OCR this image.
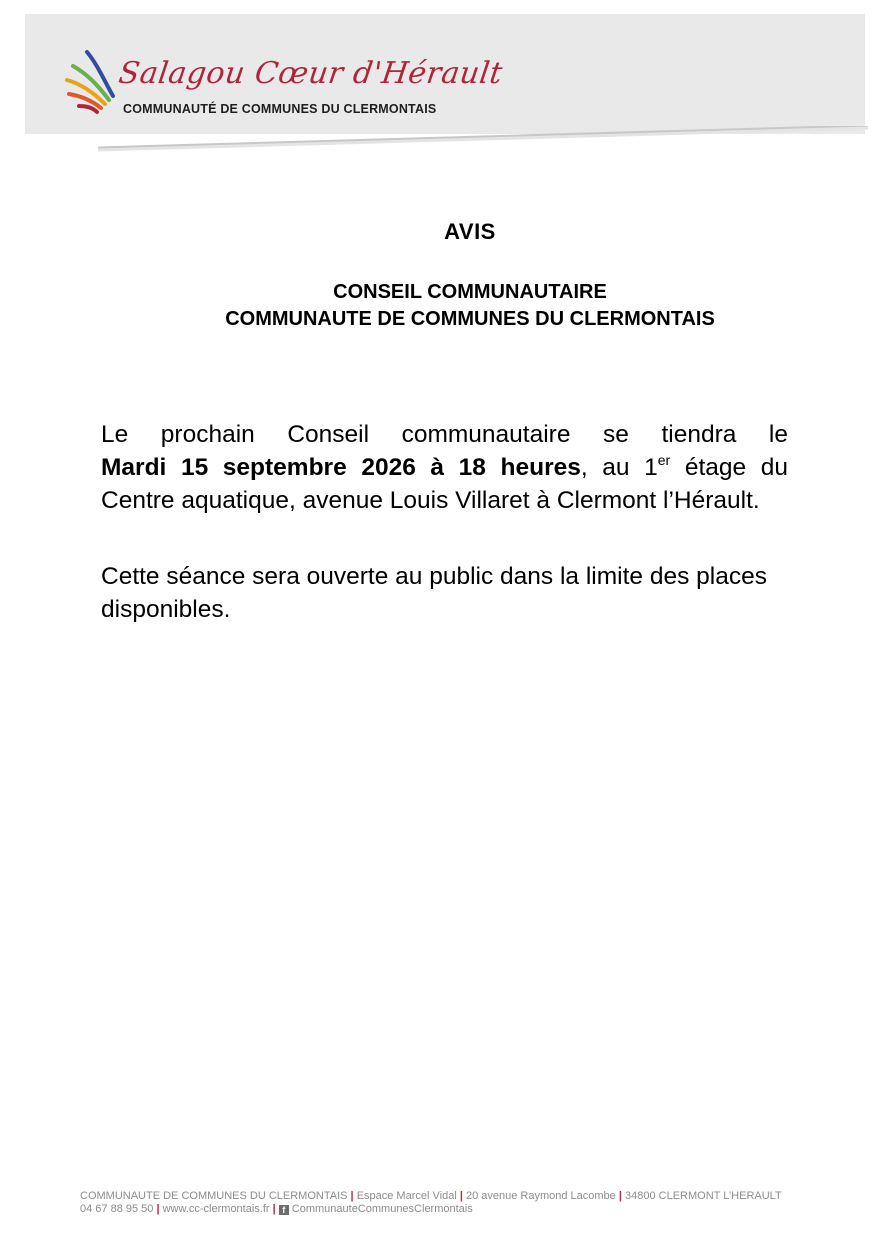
Salagou Cœur d'Hérault
COMMUNAUTÉ DE COMMUNES DU CLERMONTAIS
AVIS
CONSEIL COMMUNAUTAIRE
COMMUNAUTE DE COMMUNES DU CLERMONTAIS
Le prochain Conseil communautaire se tiendra le
Mardi 15 septembre 2026 à 18 heures, au 1er étage du Centre aquatique, avenue Louis Villaret à Clermont l’Hérault.
Cette séance sera ouverte au public dans la limite des places disponibles.
COMMUNAUTE DE COMMUNES DU CLERMONTAIS | Espace Marcel Vidal | 20 avenue Raymond Lacombe | 34800 CLERMONT L’HERAULT
04 67 88 95 50 | www.cc-clermontais.fr | f CommunauteCommunesClermontais
